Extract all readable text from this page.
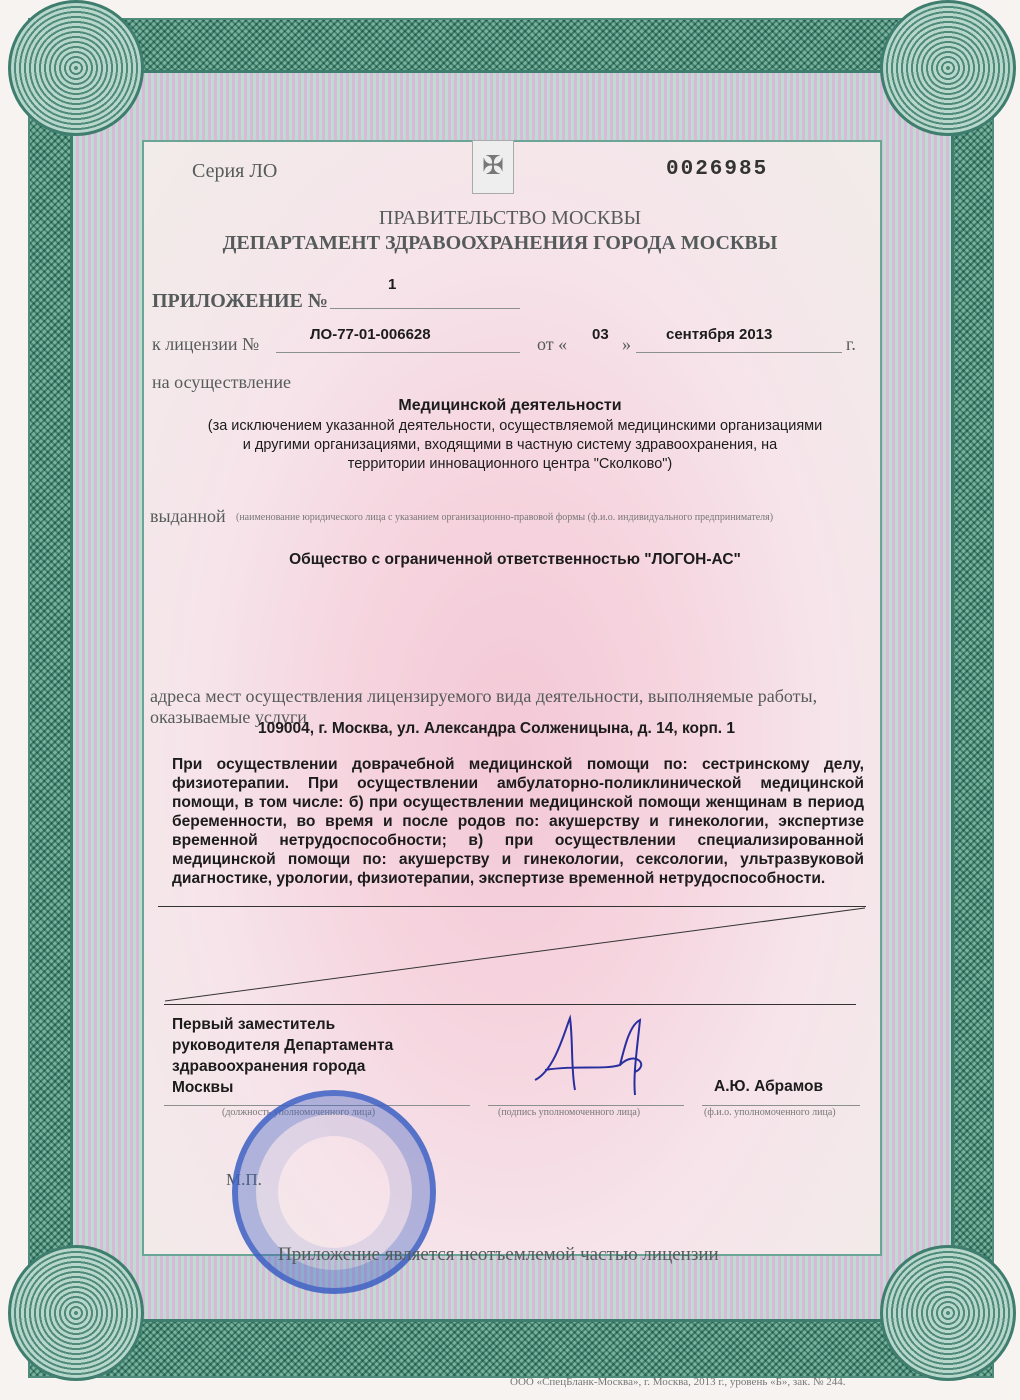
Серия ЛО	✠	0026985
ПРАВИТЕЛЬСТВО МОСКВЫ
ДЕПАРТАМЕНТ ЗДРАВООХРАНЕНИЯ ГОРОДА МОСКВЫ
ПРИЛОЖЕНИЕ №
1
к лицензии №	ЛО-77-01-006628	от « 03 » сентября 2013	г.
на осуществление
Медицинской деятельности
(за исключением указанной деятельности, осуществляемой медицинскими организациями
и другими организациями, входящими в частную систему здравоохранения, на
территории инновационного центра "Сколково")
выданной (наименование юридического лица с указанием организационно-правовой формы (ф.и.о. индивидуального предпринимателя)
Общество с ограниченной ответственностью "ЛОГОН-АС"
адреса мест осуществления лицензируемого вида деятельности, выполняемые работы,
оказываемые услуги
109004, г. Москва, ул. Александра Солженицына, д. 14, корп. 1
При осуществлении доврачебной медицинской помощи по: сестринскому делу, физиотерапии. При осуществлении амбулаторно-поликлинической медицинской помощи, в том числе: б) при осуществлении медицинской помощи женщинам в период беременности, во время и после родов по: акушерству и гинекологии, экспертизе временной нетрудоспособности; в) при осуществлении специализированной медицинской помощи по: акушерству и гинекологии, сексологии, ультразвуковой диагностике, урологии, физиотерапии, экспертизе временной нетрудоспособности.
Первый заместитель
руководителя Департамента
здравоохранения города
Москвы	А.Ю. Абрамов
(должность уполномоченного лица)	(подпись уполномоченного лица)	(ф.и.о. уполномоченного лица)
М.П.
Приложение является неотъемлемой частью лицензии
ООО «СпецБланк-Москва», г. Москва, 2013 г., уровень «Б», зак. № 244.
